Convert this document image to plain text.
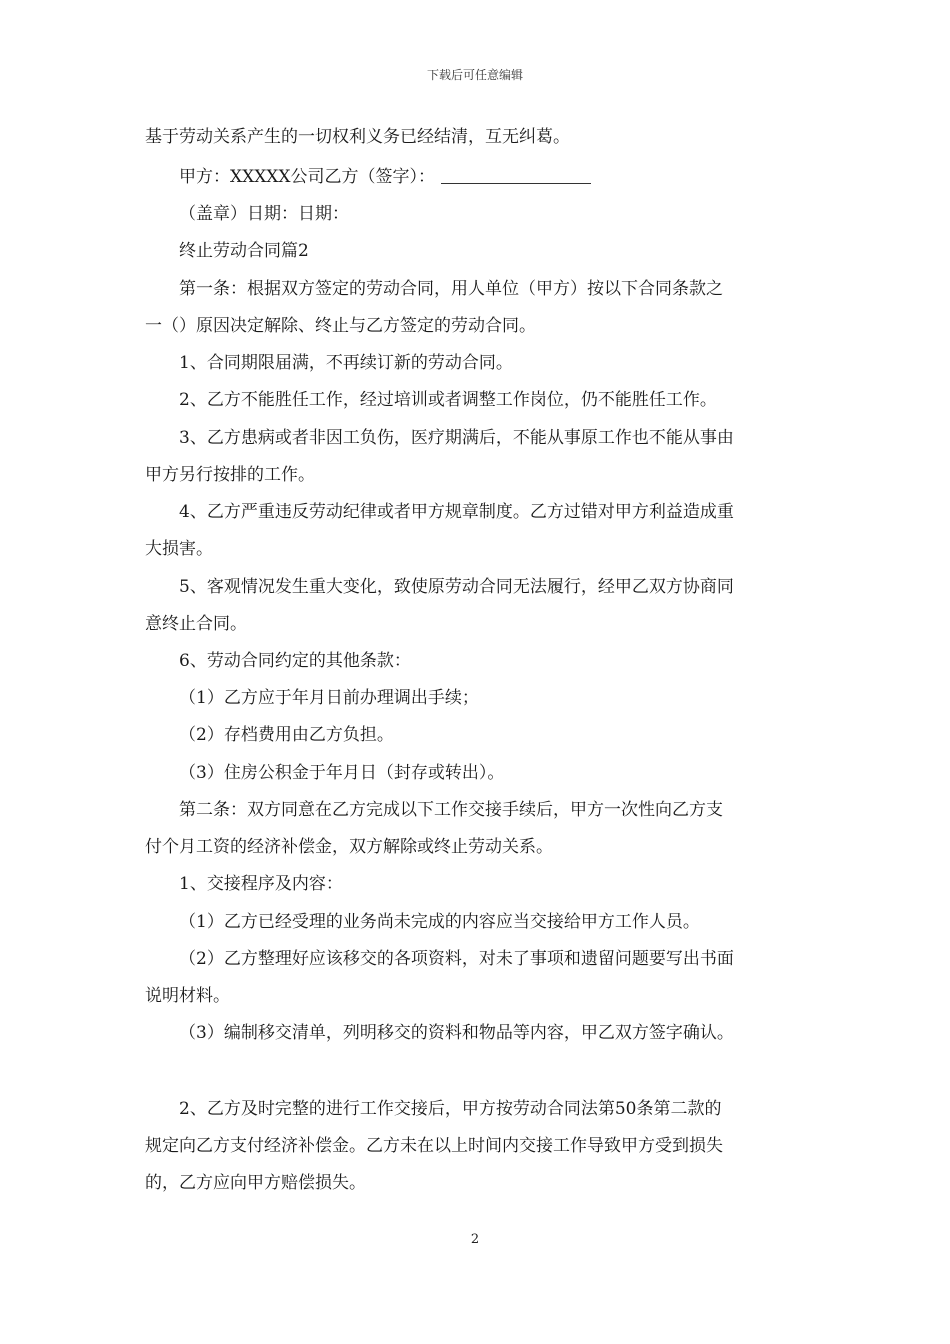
下载后可任意编辑
基于劳动关系产生的一切权利义务已经结清，互无纠葛。
甲方：XXXXX公司乙方（签字）：
（盖章）日期：日期：
终止劳动合同篇2
第一条：根据双方签定的劳动合同，用人单位（甲方）按以下合同条款之
一（）原因决定解除、终止与乙方签定的劳动合同。
1、合同期限届满，不再续订新的劳动合同。
2、乙方不能胜任工作，经过培训或者调整工作岗位，仍不能胜任工作。
3、乙方患病或者非因工负伤，医疗期满后，不能从事原工作也不能从事由
甲方另行按排的工作。
4、乙方严重违反劳动纪律或者甲方规章制度。乙方过错对甲方利益造成重
大损害。
5、客观情况发生重大变化，致使原劳动合同无法履行，经甲乙双方协商同
意终止合同。
6、劳动合同约定的其他条款：
（1）乙方应于年月日前办理调出手续；
（2）存档费用由乙方负担。
（3）住房公积金于年月日（封存或转出）。
第二条：双方同意在乙方完成以下工作交接手续后，甲方一次性向乙方支
付个月工资的经济补偿金，双方解除或终止劳动关系。
1、交接程序及内容：
（1）乙方已经受理的业务尚未完成的内容应当交接给甲方工作人员。
（2）乙方整理好应该移交的各项资料，对未了事项和遗留问题要写出书面
说明材料。
（3）编制移交清单，列明移交的资料和物品等内容，甲乙双方签字确认。
2、乙方及时完整的进行工作交接后，甲方按劳动合同法第50条第二款的
规定向乙方支付经济补偿金。乙方未在以上时间内交接工作导致甲方受到损失
的，乙方应向甲方赔偿损失。
2
